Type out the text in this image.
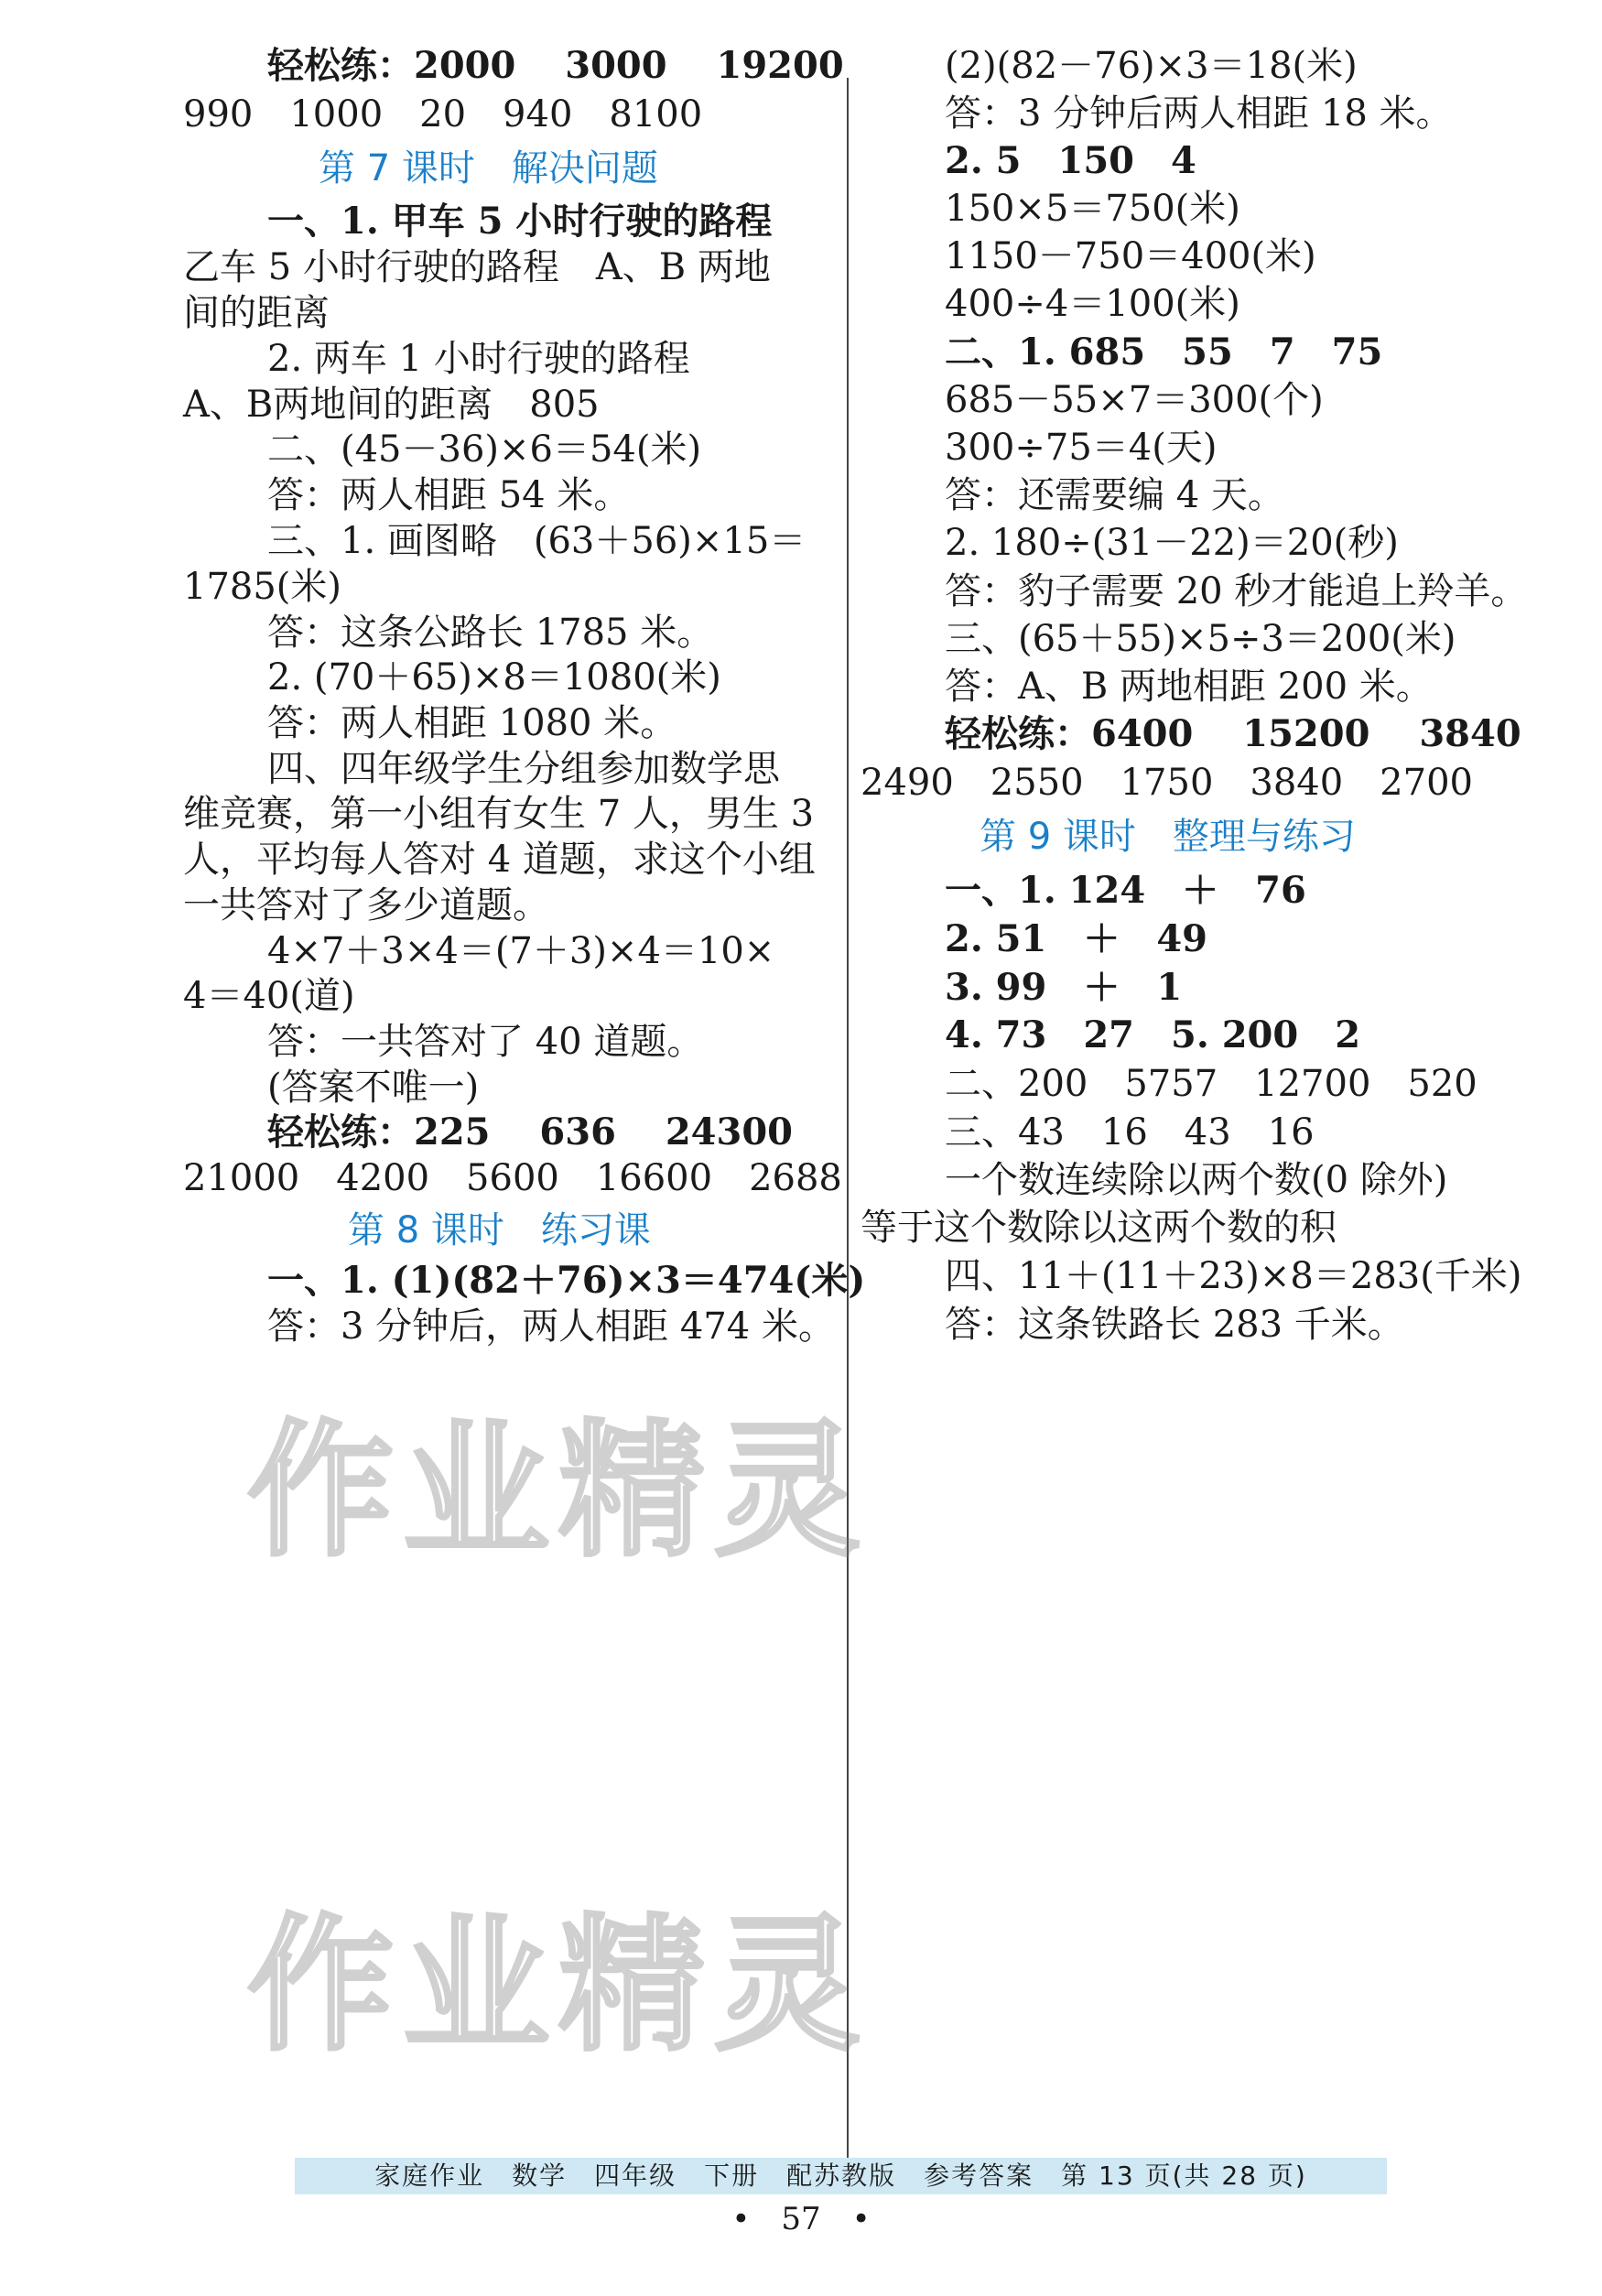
轻松练：2000　 3000　 19200
990　1000　20　940　8100
第 7 课时　解决问题
一、1. 甲车 5 小时行驶的路程
乙车 5 小时行驶的路程　A、B 两地
间的距离
2. 两车 1 小时行驶的路程
A、B两地间的距离　805
二、(45－36)×6＝54(米)
答：两人相距 54 米。
三、1. 画图略　(63＋56)×15＝
1785(米)
答：这条公路长 1785 米。
2. (70＋65)×8＝1080(米)
答：两人相距 1080 米。
四、四年级学生分组参加数学思
维竞赛，第一小组有女生 7 人，男生 3
人，平均每人答对 4 道题，求这个小组
一共答对了多少道题。
4×7＋3×4＝(7＋3)×4＝10×
4＝40(道)
答：一共答对了 40 道题。
(答案不唯一)
轻松练：225　 636　 24300
21000　4200　5600　16600　2688
第 8 课时　练习课
一、1. (1)(82＋76)×3＝474(米)
答：3 分钟后，两人相距 474 米。
(2)(82－76)×3＝18(米)
答：3 分钟后两人相距 18 米。
2. 5　150　4
150×5＝750(米)
1150－750＝400(米)
400÷4＝100(米)
二、1. 685　55　7　75
685－55×7＝300(个)
300÷75＝4(天)
答：还需要编 4 天。
2. 180÷(31－22)＝20(秒)
答：豹子需要 20 秒才能追上羚羊。
三、(65＋55)×5÷3＝200(米)
答：A、B 两地相距 200 米。
轻松练：6400　 15200　 3840
2490　2550　1750　3840　2700
第 9 课时　整理与练习
一、1. 124　＋　76
2. 51　＋　49
3. 99　＋　1
4. 73　27　5. 200　2
二、200　5757　12700　520
三、43　16　43　16
一个数连续除以两个数(0 除外)
等于这个数除以这两个数的积
四、11＋(11＋23)×8＝283(千米)
答：这条铁路长 283 千米。
作业精灵
作业精灵
家庭作业　数学　四年级　下册　配苏教版　参考答案　第 13 页(共 28 页)
•　57　•
